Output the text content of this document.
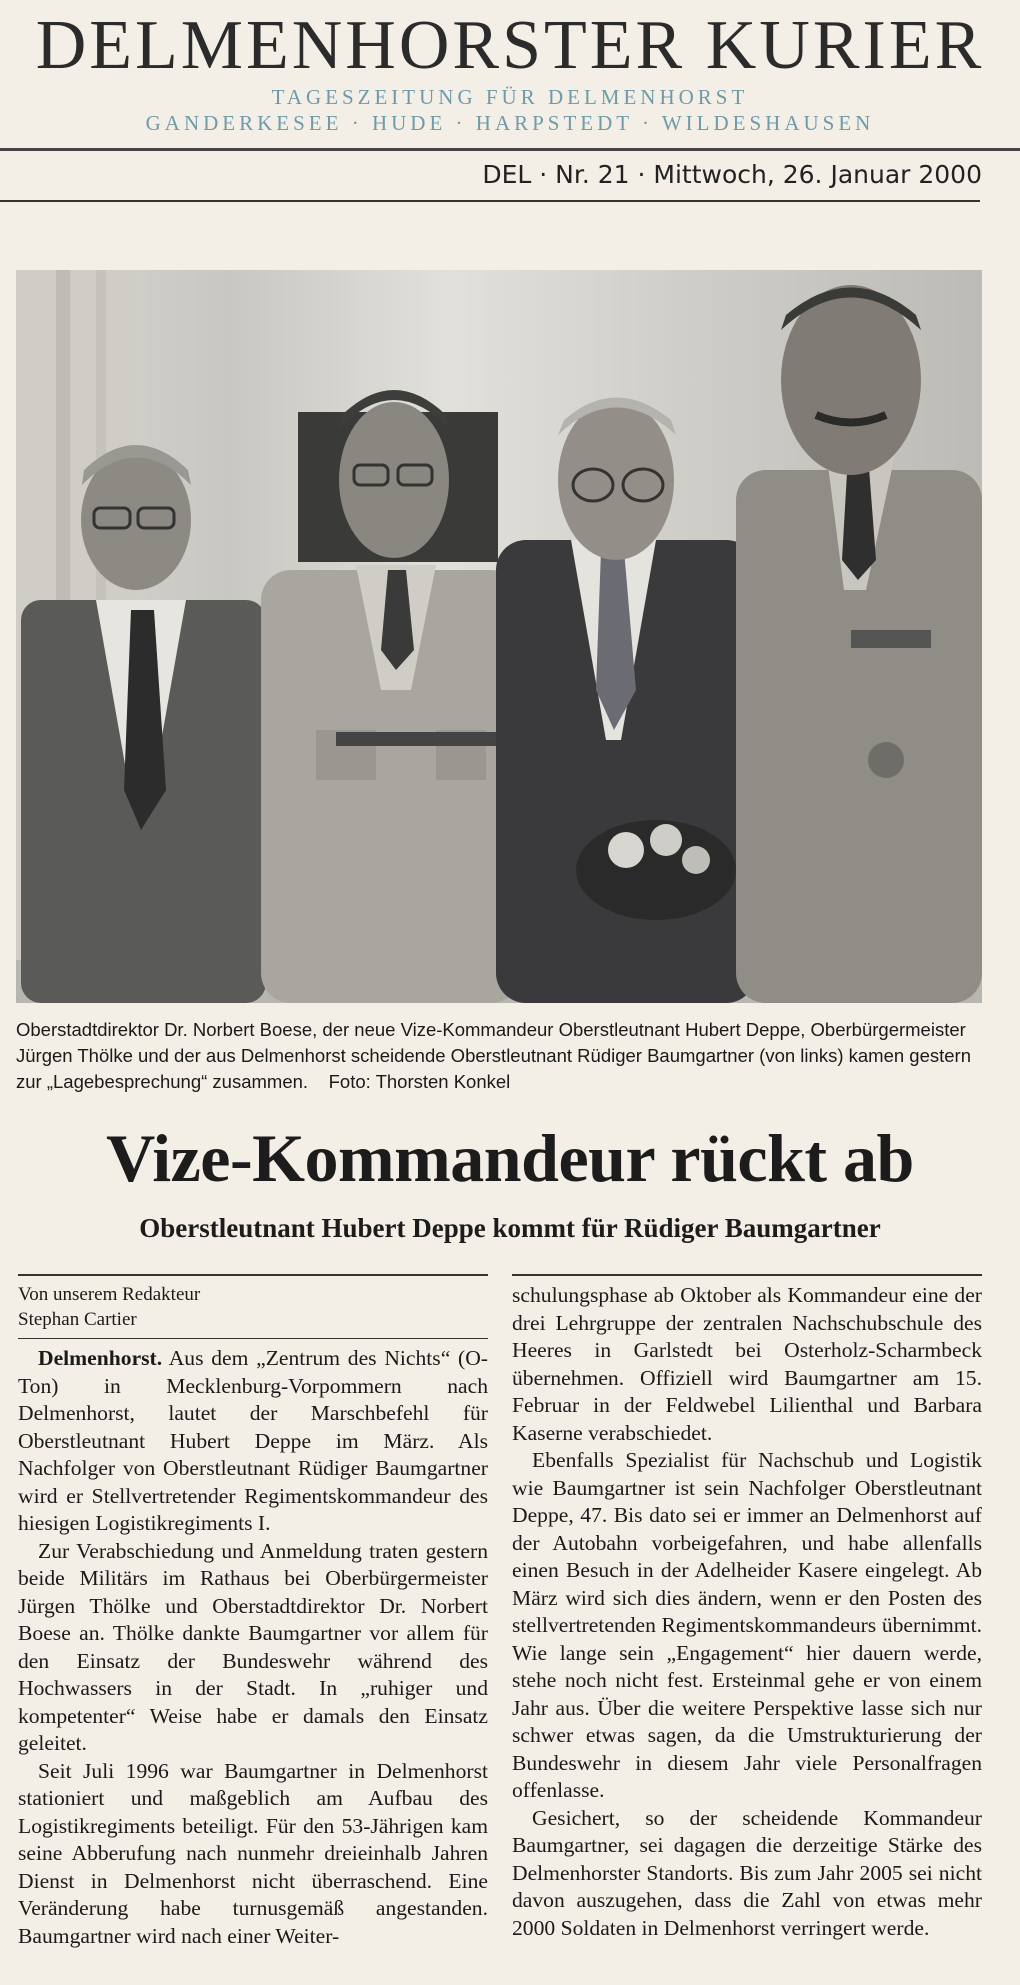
DELMENHORSTER KURIER
TAGESZEITUNG FÜR DELMENHORST
GANDERKESEE · HUDE · HARPSTEDT · WILDESHAUSEN
DEL · Nr. 21 · Mittwoch, 26. Januar 2000
Oberstadtdirektor Dr. Norbert Boese, der neue Vize-Kommandeur Oberstleutnant Hubert Deppe, Oberbürgermeister Jürgen Thölke und der aus Delmenhorst scheidende Oberstleutnant Rüdiger Baumgartner (von links) kamen gestern zur „Lagebesprechung“ zusammen. Foto: Thorsten Konkel
Vize-Kommandeur rückt ab
Oberstleutnant Hubert Deppe kommt für Rüdiger Baumgartner

Von unserem Redakteur

Stephan Cartier

Delmenhorst. Aus dem „Zentrum des Nichts“ (O-Ton) in Mecklenburg-Vorpommern nach Delmenhorst, lautet der Marschbefehl für Oberstleutnant Hubert Deppe im März. Als Nachfolger von Oberstleutnant Rüdiger Baumgartner wird er Stellvertretender Regimentskommandeur des hiesigen Logistikregiments I.

Zur Verabschiedung und Anmeldung traten gestern beide Militärs im Rathaus bei Oberbürgermeister Jürgen Thölke und Oberstadtdirektor Dr. Norbert Boese an. Thölke dankte Baumgartner vor allem für den Einsatz der Bundeswehr während des Hochwassers in der Stadt. In „ruhiger und kompetenter“ Weise habe er damals den Einsatz geleitet.

Seit Juli 1996 war Baumgartner in Delmenhorst stationiert und maßgeblich am Aufbau des Logistikregiments beteiligt. Für den 53-Jährigen kam seine Abberufung nach nunmehr dreieinhalb Jahren Dienst in Delmenhorst nicht überraschend. Eine Veränderung habe turnusgemäß angestanden. Baumgartner wird nach einer Weiter-

schulungsphase ab Oktober als Kommandeur eine der drei Lehrgruppe der zentralen Nachschubschule des Heeres in Garlstedt bei Osterholz-Scharmbeck übernehmen. Offiziell wird Baumgartner am 15. Februar in der Feldwebel Lilienthal und Barbara Kaserne verabschiedet.

Ebenfalls Spezialist für Nachschub und Logistik wie Baumgartner ist sein Nachfolger Oberstleutnant Deppe, 47. Bis dato sei er immer an Delmenhorst auf der Autobahn vorbeigefahren, und habe allenfalls einen Besuch in der Adelheider Kasere eingelegt. Ab März wird sich dies ändern, wenn er den Posten des stellvertretenden Regimentskommandeurs übernimmt. Wie lange sein „Engagement“ hier dauern werde, stehe noch nicht fest. Ersteinmal gehe er von einem Jahr aus. Über die weitere Perspektive lasse sich nur schwer etwas sagen, da die Umstrukturierung der Bundeswehr in diesem Jahr viele Personalfragen offenlasse.

Gesichert, so der scheidende Kommandeur Baumgartner, sei dagagen die derzeitige Stärke des Delmenhorster Standorts. Bis zum Jahr 2005 sei nicht davon auszugehen, dass die Zahl von etwas mehr 2000 Soldaten in Delmenhorst verringert werde.
